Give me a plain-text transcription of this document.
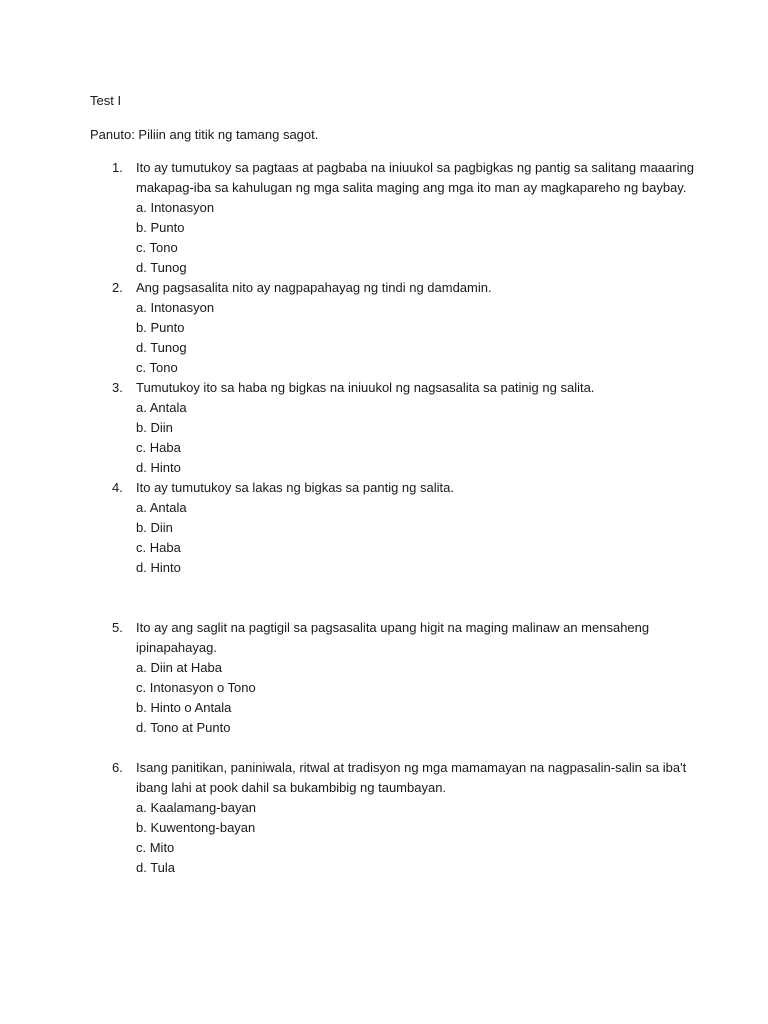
Test I
Panuto: Piliin ang titik ng tamang sagot.
1.	Ito ay tumutukoy sa pagtaas at pagbaba na iniuukol sa pagbigkas ng pantig sa salitang maaaring
makapag-iba sa kahulugan ng mga salita maging ang mga ito man ay magkapareho ng baybay.
a. Intonasyon
b. Punto
c. Tono
d. Tunog
2.	Ang pagsasalita nito ay nagpapahayag ng tindi ng damdamin.
a. Intonasyon
b. Punto
d. Tunog
c. Tono
3.	Tumutukoy ito sa haba ng bigkas na iniuukol ng nagsasalita sa patinig ng salita.
a. Antala
b. Diin
c. Haba
d. Hinto
4.	Ito ay tumutukoy sa lakas ng bigkas sa pantig ng salita.
a. Antala
b. Diin
c. Haba
d. Hinto
5.	Ito ay ang saglit na pagtigil sa pagsasalita upang higit na maging malinaw an mensaheng
ipinapahayag.
a. Diin at Haba
c. Intonasyon o Tono
b. Hinto o Antala
d. Tono at Punto
6.	Isang panitikan, paniniwala, ritwal at tradisyon ng mga mamamayan na nagpasalin-salin sa iba't
ibang lahi at pook dahil sa bukambibig ng taumbayan.
a. Kaalamang-bayan
b. Kuwentong-bayan
c. Mito
d. Tula
